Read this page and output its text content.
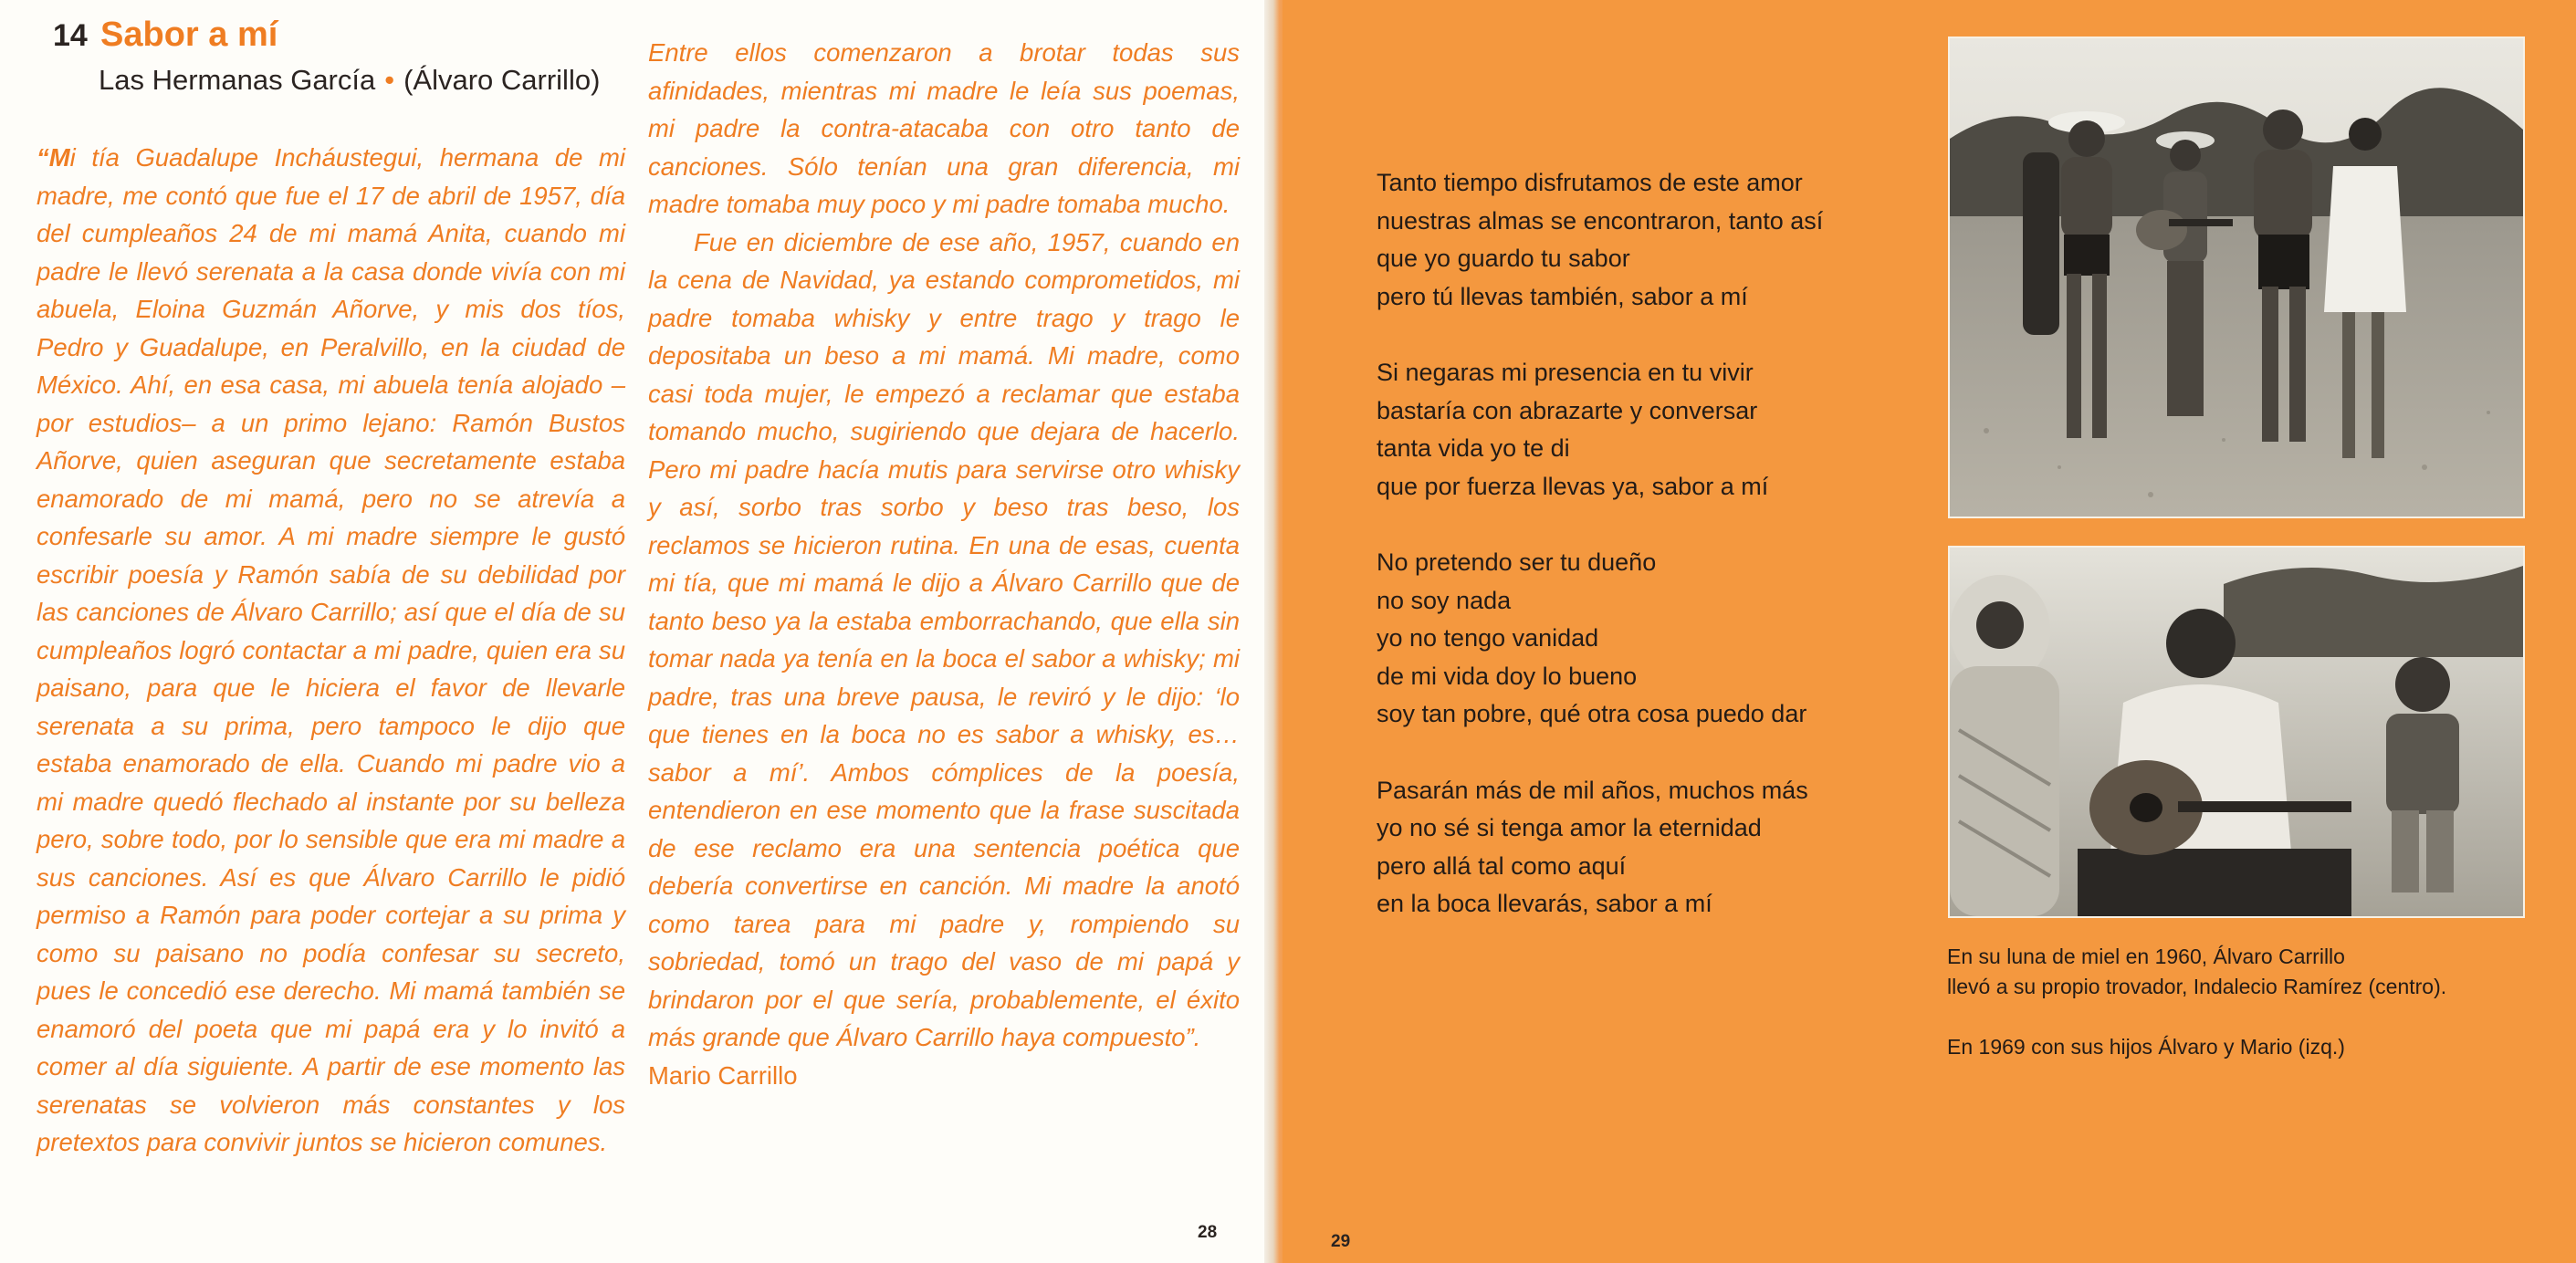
14 Sabor a mí
Las Hermanas García • (Álvaro Carrillo)

“Mi tía Guadalupe Incháustegui, hermana de mi madre, me contó que fue el 17 de abril de 1957, día del cumpleaños 24 de mi mamá Anita, cuando mi padre le llevó serenata a la casa donde vivía con mi abuela, Eloina Guzmán Añorve, y mis dos tíos, Pedro y Guadalupe, en Peralvillo, en la ciudad de México. Ahí, en esa casa, mi abuela tenía alojado –por estudios– a un primo lejano: Ramón Bustos Añorve, quien aseguran que secretamente estaba enamorado de mi mamá, pero no se atrevía a confesarle su amor. A mi madre siempre le gustó escribir poesía y Ramón sabía de su debilidad por las canciones de Álvaro Carrillo; así que el día de su cumpleaños logró contactar a mi padre, quien era su paisano, para que le hiciera el favor de llevarle serenata a su prima, pero tampoco le dijo que estaba enamorado de ella. Cuando mi padre vio a mi madre quedó flechado al instante por su belleza pero, sobre todo, por lo sensible que era mi madre a sus canciones. Así es que Álvaro Carrillo le pidió permiso a Ramón para poder cortejar a su prima y como su paisano no podía confesar su secreto, pues le concedió ese derecho. Mi mamá también se enamoró del poeta que mi papá era y lo invitó a comer al día siguiente. A partir de ese momento las serenatas se volvieron más constantes y los pretextos para convivir juntos se hicieron comunes.

Entre ellos comenzaron a brotar todas sus afinidades, mientras mi madre le leía sus poemas, mi padre la contra-atacaba con otro tanto de canciones. Sólo tenían una gran diferencia, mi madre tomaba muy poco y mi padre tomaba mucho.

Fue en diciembre de ese año, 1957, cuando en la cena de Navidad, ya estando comprometidos, mi padre tomaba whisky y entre trago y trago le depositaba un beso a mi mamá. Mi madre, como casi toda mujer, le empezó a reclamar que estaba tomando mucho, sugiriendo que dejara de hacerlo. Pero mi padre hacía mutis para servirse otro whisky y así, sorbo tras sorbo y beso tras beso, los reclamos se hicieron rutina. En una de esas, cuenta mi tía, que mi mamá le dijo a Álvaro Carrillo que de tanto beso ya la estaba emborrachando, que ella sin tomar nada ya tenía en la boca el sabor a whisky; mi padre, tras una breve pausa, le reviró y le dijo: ‘lo que tienes en la boca no es sabor a whisky, es… sabor a mí’. Ambos cómplices de la poesía, entendieron en ese momento que la frase suscitada de ese reclamo era una sentencia poética que debería convertirse en canción. Mi madre la anotó como tarea para mi padre y, rompiendo su sobriedad, tomó un trago del vaso de mi papá y brindaron por el que sería, probablemente, el éxito más grande que Álvaro Carrillo haya compuesto”.

Mario Carrillo
28
Tanto tiempo disfrutamos de este amor
nuestras almas se encontraron, tanto así
que yo guardo tu sabor
pero tú llevas también, sabor a mí
Si negaras mi presencia en tu vivir
bastaría con abrazarte y conversar
tanta vida yo te di
que por fuerza llevas ya, sabor a mí
No pretendo ser tu dueño
no soy nada
yo no tengo vanidad
de mi vida doy lo bueno
soy tan pobre, qué otra cosa puedo dar
Pasarán más de mil años, muchos más
yo no sé si tenga amor la eternidad
pero allá tal como aquí
en la boca llevarás, sabor a mí
En su luna de miel en 1960, Álvaro Carrillo
llevó a su propio trovador, Indalecio Ramírez (centro).
En 1969 con sus hijos Álvaro y Mario (izq.)
29
